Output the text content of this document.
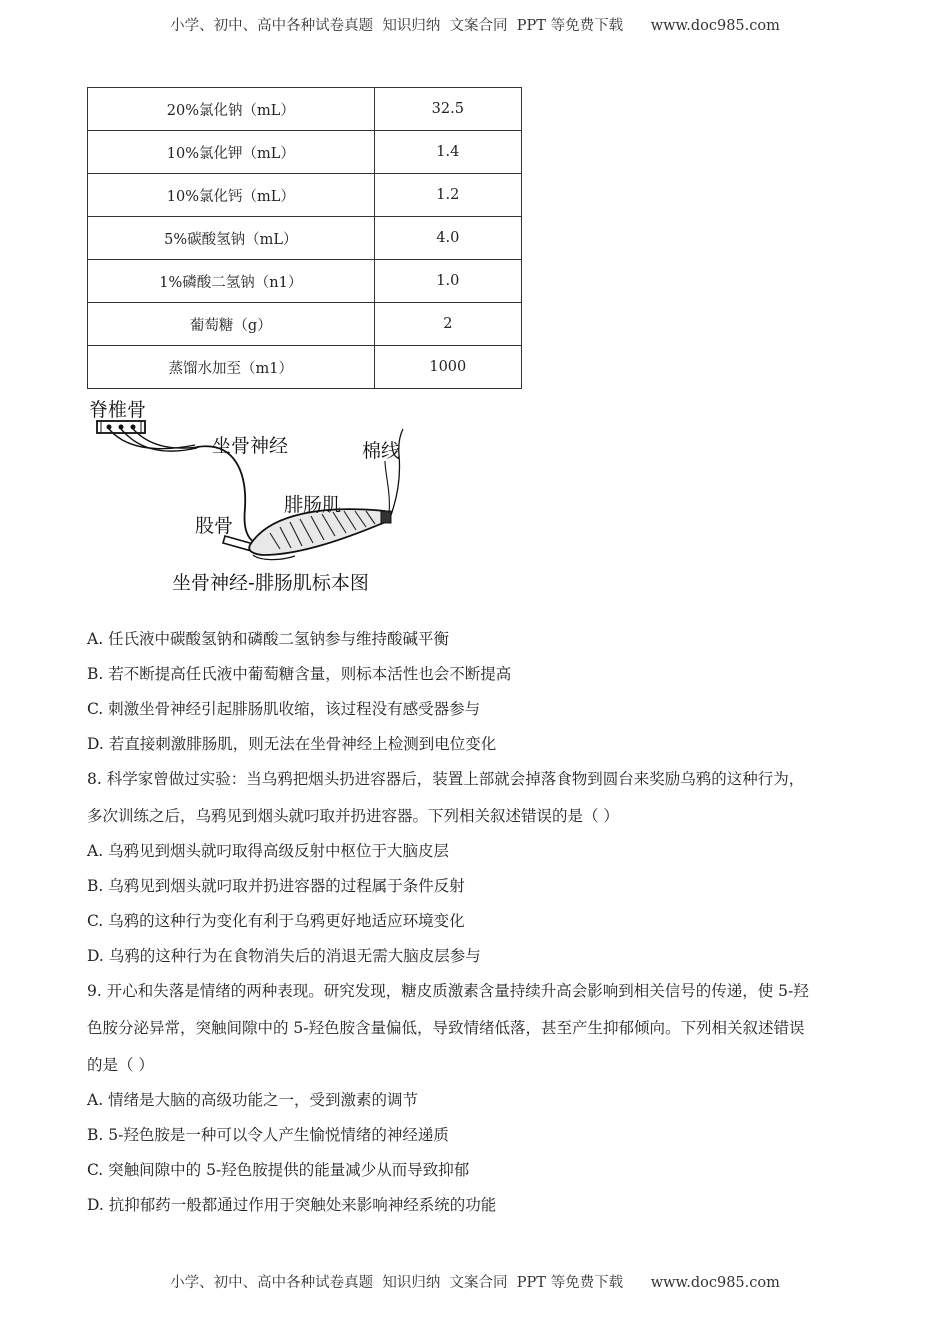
小学、初中、高中各种试卷真题  知识归纳  文案合同  PPT 等免费下载      www.doc985.com
20%氯化钠（mL）	32.5
10%氯化钾（mL）	1.4
10%氯化钙（mL）	1.2
5%碳酸氢钠（mL）	4.0
1%磷酸二氢钠（n1）	1.0
葡萄糖（g）	2
蒸馏水加至（m1）	1000
脊椎骨
坐骨神经	棉线
腓肠肌
股骨
坐骨神经-腓肠肌标本图
A. 任氏液中碳酸氢钠和磷酸二氢钠参与维持酸碱平衡
B. 若不断提高任氏液中葡萄糖含量，则标本活性也会不断提高
C. 刺激坐骨神经引起腓肠肌收缩，该过程没有感受器参与
D. 若直接刺激腓肠肌，则无法在坐骨神经上检测到电位变化
8. 科学家曾做过实验：当乌鸦把烟头扔进容器后，装置上部就会掉落食物到圆台来奖励乌鸦的这种行为，
多次训练之后，乌鸦见到烟头就叼取并扔进容器。下列相关叙述错误的是（ ）
A. 乌鸦见到烟头就叼取得高级反射中枢位于大脑皮层
B. 乌鸦见到烟头就叼取并扔进容器的过程属于条件反射
C. 乌鸦的这种行为变化有利于乌鸦更好地适应环境变化
D. 乌鸦的这种行为在食物消失后的消退无需大脑皮层参与
9. 开心和失落是情绪的两种表现。研究发现，糖皮质激素含量持续升高会影响到相关信号的传递，使 5-羟
色胺分泌异常，突触间隙中的 5-羟色胺含量偏低，导致情绪低落，甚至产生抑郁倾向。下列相关叙述错误
的是（ ）
A. 情绪是大脑的高级功能之一，受到激素的调节
B. 5-羟色胺是一种可以令人产生愉悦情绪的神经递质
C. 突触间隙中的 5-羟色胺提供的能量减少从而导致抑郁
D. 抗抑郁药一般都通过作用于突触处来影响神经系统的功能
小学、初中、高中各种试卷真题  知识归纳  文案合同  PPT 等免费下载      www.doc985.com
